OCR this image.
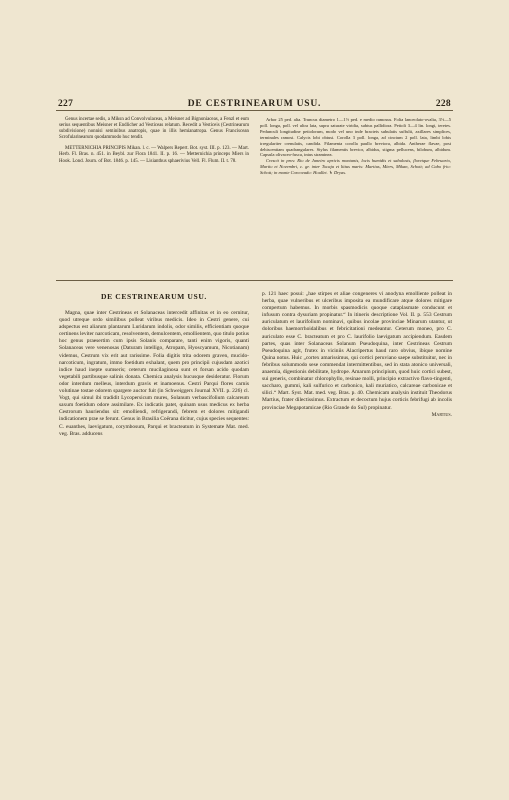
227	DE CESTRINEARUM USU.	228

Genus incertae sedis, a Miksn ad Convolvulaceas, a Meisner ad Bignoniaceas, a Fenzl et eum serius sequentibus Meisner et Endlicher ad Vesticeas relatum. Recedit a Vesticeis (Cestrinearum subdivisione) nonnisi seminibus anatropis, quae in illis hemianatropa. Genus Franciscean Scrofularinearum quodammodo huc tendit.

METTERNICHIA PRINCIPIS Mikan. l. c. — Walpers Repert. Bot. syst. III. p. 123. — Mart. Herb. Fl. Bras. n. 451. in Beybl. zur Flora 1841. II. p. 16. — Metternichia princeps Miers in Hook. Lond. Journ. of Bot. 1846. p. 145. — Lisianthus sphaerivius Vell. Fl. Flum. II. t. 78.

Arbor 25 ped. alta. Truncus diametro 1—1½ ped. e medio ramosus. Folia lanceolato-ovalia, 3½—5 poll. longa, poll. vel ultra lata, supra saturate viridia, subtus pallidiora. Petioli 3—4 lin. longi, teretes. Pedunculi longitudine petiolorum, modo vel uno inde bracteis subulatis suffulti, axillares simplices, terminales ramosi. Calycis lobi obtusi. Corolla 3 poll. longa, ad cinctum 2 poll. lata, limbi lobis irregulariter crenulatis, candida. Filamenta corolla paullo breviora, albida. Antherae flavae, post dehiscentiam quadrangulares. Stylus filamentis brevior, albidus, stigma pellucens, bilobum, albidum. Capsula olivaceo-fusca, intus straminea.

Crescit in prov. Rio de Janeiro apricis montanis, locis humidis et sabulosis, floretque Februario, Martio et Novembri, c. gr. inter Tocaja et littus maris: Martius, Miers, Mikan, Schott; ad Cabo frio: Schott; in monte Corcovado: Houllet. ♄ Dryas.

DE CESTRINEARUM USU.

Magna, quae inter Cestrineas et Solanaceas intercedit affinitas et in eo cernitur, quod utreque ordo similibus polleat viribus medicis. Ideo in Cestri genere, cui adspectus est aliarum plantarum Luridarum indolis, odor similis, efficientiam quoque certinens leviter narcoticam, resolventem, demulcentem, emollientem, quo titulo potius hoc genus praesertim cum ipsis Solanis comparare, tanti enim vigoris, quanti Solanaceas vere venenosas (Daturam intelligo, Atropam, Hyoscyamum, Nicotianam) videmus, Cestrum vix erit aut rarissime. Folia digitis trita odorem graven, mucido-narcoticum, ingratum, immo foetidum exhalant, quem pro principii cujusdam azotici indice haud inepte sumseris; ceterum mucilaginosa sunt et forsan acido quodam vegetabili partibusque salinis donata. Chemica analysis hucusque desideratur. Florum odor interdum melleus, interdum gravis et inamoenus. Cestri Parqui flores carnis volutinae tostae odorem spargere auctor fuit (in Schweiggers Journal XVII. p. 226) cl. Vogt, qui simul ibi tradidit Lycopersicum mures, Solanum verbascifolium calcareum saxum foetidum odore assimilare. Ex indicatis patet, quinam usus medicus ex herba Cestrorum hauriendus sit: emolliendi, refrigerandi, febrem et dolores mitigandi indicationem prae se ferunt. Genus in Brasilia Coërana dicitur, cujus species sequentes: C. euanthes, laevigatum, corymbosum, Parqui et bracteatum in Systemate Mat. med. veg. Bras. adducens

p. 121 haec posui: „hae stirpes et aliae congeneres vi anodyna emolliente polleat in herba, quae vulneribus et ulceribus imposita ea mundificare atque dolores mitigare compertum habemus. In morbis spasmodicis quoque cataplasmate conducunt et infusum contra dysuriam propinatur.“ In itineris descriptione Vol. II. p. 553 Cestrum auriculatum et laurifolium nominavi, quibus incolae provinciae Minarum utantur, ut doloribus haemorrhoidalibus et febricitationi medeantur. Ceterum moneo, pro C. auriculato esse C. bracteatum et pro C. laurifolio laevigatum accipiendum. Easdem partes, quas inter Solanaceas Solanum Pseudoquina, inter Cestrineas Cestrum Pseudoquina agit, frutex in viciniis Alacripertus haud raro obvius, ibique nomine Quina notus. Huic „cortex amarissimus, qui cortici peruviano saepe substituitur, nec in febribus solummodo sese commendat intermittentibus, sed in stata atonico universali, anaemia, digestionis debilitate, hydrope. Amarum principium, quod huic cortici subest, sui generis, combinatur chlorophyllo, resinae molli, principio extractivo flavo-tingenti, saccharo, gummi, kali sulfurico et carbonico, kali muriatico, calcareae carbonicae et silici.“ Mart. Syst. Mat. med. veg. Bras. p. 40. Chemicam analysin instituit Theodorus Martius, frater dilectissimus. Extractum et decoctum hujus corticis febrifugi ab incolis provinciae Megapotamicae (Rio Grande do Sul) propinatur.

Martius.
